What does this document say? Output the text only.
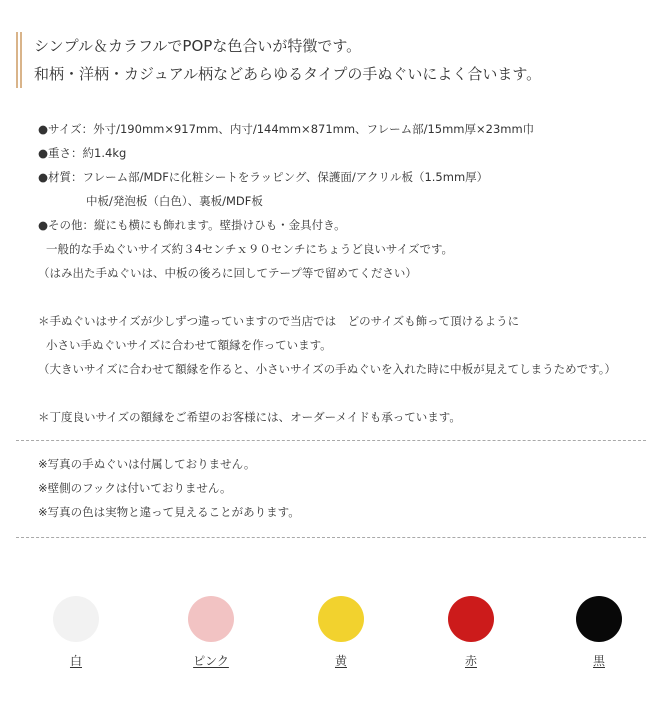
シンプル＆カラフルでPOPな色合いが特徴です。
和柄・洋柄・カジュアル柄などあらゆるタイプの手ぬぐいによく合います。
●サイズ：外寸/190mm×917mm、内寸/144mm×871mm、フレーム部/15mm厚×23mm巾
●重さ：約1.4kg
●材質：フレーム部/MDFに化粧シートをラッピング、保護面/アクリル板（1.5mm厚）
中板/発泡板（白色）、裏板/MDF板
●その他：縦にも横にも飾れます。壁掛けひも・金具付き。
一般的な手ぬぐいサイズ約３4センチｘ９０センチにちょうど良いサイズです。
（はみ出た手ぬぐいは、中板の後ろに回してテープ等で留めてください）
＊手ぬぐいはサイズが少しずつ違っていますので当店では　どのサイズも飾って頂けるように
小さい手ぬぐいサイズに合わせて額縁を作っています。
（大きいサイズに合わせて額縁を作ると、小さいサイズの手ぬぐいを入れた時に中板が見えてしまうためです。）
＊丁度良いサイズの額縁をご希望のお客様には、オーダーメイドも承っています。
※写真の手ぬぐいは付属しておりません。
※壁側のフックは付いておりません。
※写真の色は実物と違って見えることがあります。
白	ピンク	黄	赤	黒
